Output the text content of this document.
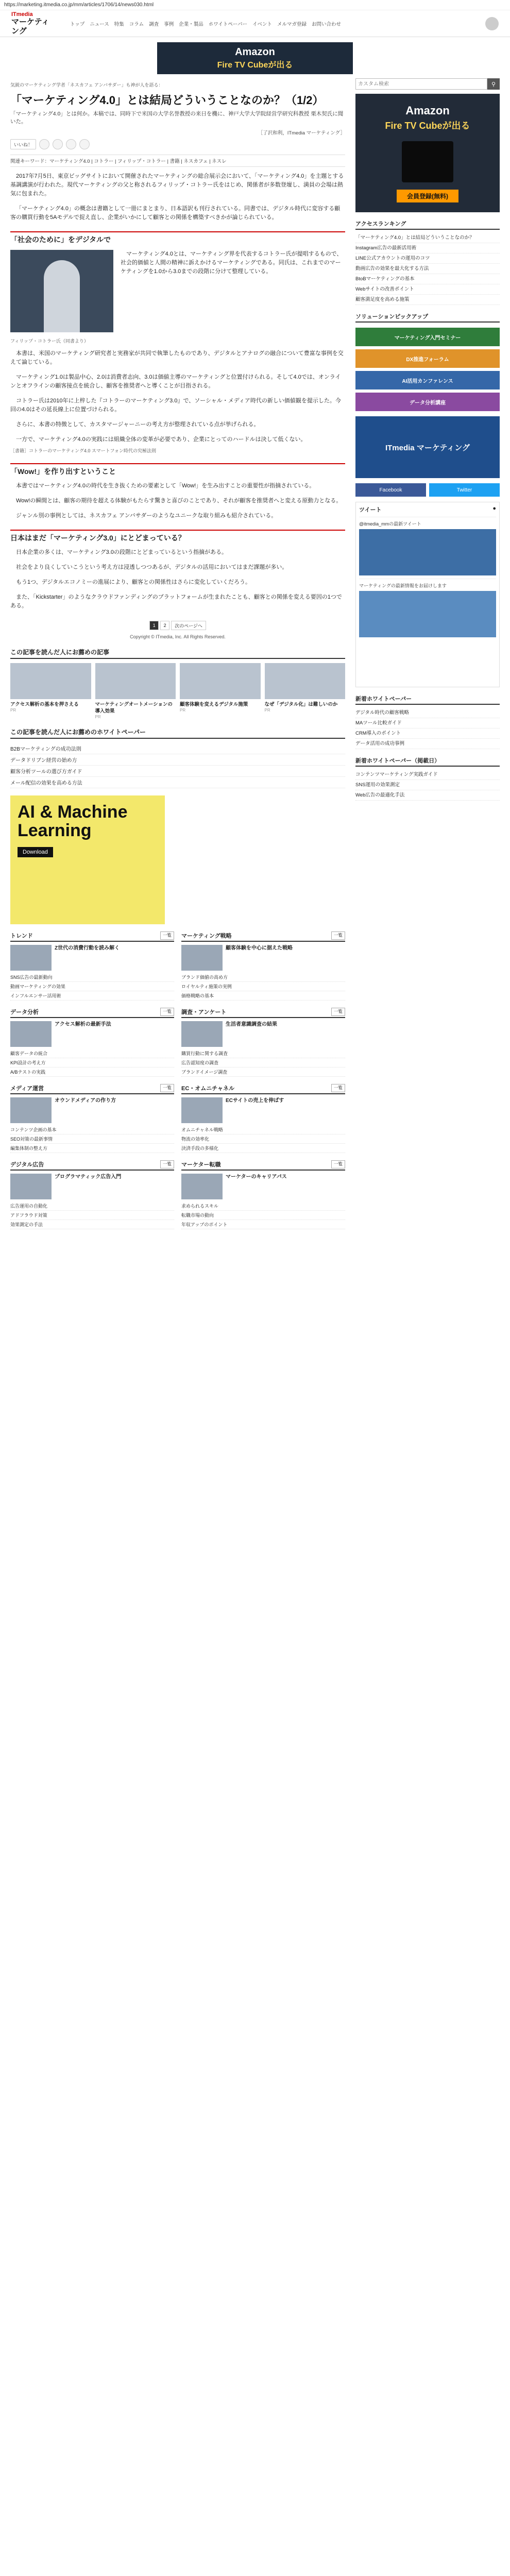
https://marketing.itmedia.co.jp/mm/articles/1706/14/news030.html
ITmedia
マーケティング
トップ ニュース 特集 コラム 調査 事例 企業・製品 ホワイトペーパー イベント メルマガ登録 お問い合わせ
Amazon
Fire TV Cubeが出る
気鋭のマーケティング学者「ネスカフェ アンバサダー」も神が人を語る：
「マーケティング4.0」とは結局どういうことなのか？（1/2）
「マーケティング4.0」とは何か。本稿では、同時下で米国の大学名誉教授の来日を機に、神戸大学大学院経営学研究科教授 栗木契氏に聞いた。
［了沢和利，ITmedia マーケティング］
いいね！
関連キーワード：マーケティング4.0 | コトラー | フィリップ・コトラー | 書籍 | ネスカフェ | ネスレ

2017年7月5日、東京ビッグサイトにおいて開催されたマーケティングの総合展示会において、「マーケティング4.0」を主題とする基調講演が行われた。現代マーケティングの父と称されるフィリップ・コトラー氏をはじめ、関係者が多数登壇し、満員の会場は熱気に包まれた。

「マーケティング4.0」の概念は書籍として一冊にまとまり、日本語訳も刊行されている。同書では、デジタル時代に変容する顧客の購買行動を5Aモデルで捉え直し、企業がいかにして顧客との関係を構築すべきかが論じられている。

「社会のために」をデジタルで

マーケティング4.0とは、マーケティング界を代表するコトラー氏が提唱するもので、社会的価値と人間の精神に訴えかけるマーケティングである。同氏は、これまでのマーケティングを1.0から3.0までの段階に分けて整理している。

フィリップ・コトラー氏（同書より）

本書は、米国のマーケティング研究者と実務家が共同で執筆したものであり、デジタルとアナログの融合について豊富な事例を交えて論じている。

マーケティング1.0は製品中心、2.0は消費者志向、3.0は価値主導のマーケティングと位置付けられる。そして4.0では、オンラインとオフラインの顧客接点を統合し、顧客を推奨者へと導くことが目指される。

コトラー氏は2010年に上梓した『コトラーのマーケティング3.0』で、ソーシャル・メディア時代の新しい価値観を提示した。今回の4.0はその延長線上に位置づけられる。

さらに、本書の特徴として、カスタマージャーニーの考え方が整理されている点が挙げられる。

一方で、マーケティング4.0の実践には組織全体の変革が必要であり、企業にとってのハードルは決して低くない。

［書籍］コトラーのマーケティング4.0 スマートフォン時代の究極法則
「Wow!」を作り出すということ

本書ではマーケティング4.0の時代を生き抜くための要素として「Wow!」を生み出すことの重要性が指摘されている。

Wow!の瞬間とは、顧客の期待を超える体験がもたらす驚きと喜びのことであり、それが顧客を推奨者へと変える原動力となる。

ジャンル別の事例としては、ネスカフェ アンバサダーのようなユニークな取り組みも紹介されている。

日本はまだ「マーケティング3.0」にとどまっている？

日本企業の多くは、マーケティング3.0の段階にとどまっているという指摘がある。

社会をより良くしていこうという考え方は浸透しつつあるが、デジタルの活用においてはまだ課題が多い。

もう1つ、デジタルエコノミーの進展により、顧客との関係性はさらに変化していくだろう。

また、「Kickstarter」のようなクラウドファンディングのプラットフォームが生まれたことも、顧客との関係を変える要因の1つである。

1	2	次のページへ
Copyright © ITmedia, Inc. All Rights Reserved.
この記事を読んだ人にお薦めの記事
アクセス解析の基本を押さえる
PR
マーケティングオートメーションの導入効果
PR
顧客体験を変えるデジタル施策
PR
なぜ「デジタル化」は難しいのか
PR
この記事を読んだ人にお薦めのホワイトペーパー
B2Bマーケティングの成功法則
データドリブン経営の始め方
顧客分析ツールの選び方ガイド
メール配信の効果を高める方法
AI & Machine Learning
Download
トレンド	一覧
Z世代の消費行動を読み解く
SNS広告の最新動向
動画マーケティングの効果
インフルエンサー活用術
マーケティング戦略	一覧
顧客体験を中心に据えた戦略
ブランド価値の高め方
ロイヤルティ施策の実例
価格戦略の基本
データ分析	一覧
アクセス解析の最新手法
顧客データの統合
KPI設計の考え方
A/Bテストの実践
調査・アンケート	一覧
生活者意識調査の結果
購買行動に関する調査
広告認知度の調査
ブランドイメージ調査
メディア運営	一覧
オウンドメディアの作り方
コンテンツ企画の基本
SEO対策の最新事情
編集体制の整え方
EC・オムニチャネル	一覧
ECサイトの売上を伸ばす
オムニチャネル戦略
物流の効率化
決済手段の多様化
デジタル広告	一覧
プログラマティック広告入門
広告運用の自動化
アドフラウド対策
効果測定の手法
マーケター転職	一覧
マーケターのキャリアパス
求められるスキル
転職市場の動向
年収アップのポイント
カスタム検索
⚲
Amazon
Fire TV Cubeが出る
会員登録(無料)
アクセスランキング
「マーケティング4.0」とは結局どういうことなのか？
Instagram広告の最新活用術
LINE公式アカウントの運用のコツ
動画広告の効果を最大化する方法
BtoBマーケティングの基本
Webサイトの改善ポイント
顧客満足度を高める施策
ソリューションピックアップ
マーケティング入門セミナー
DX推進フォーラム
AI活用カンファレンス
データ分析講座
ITmedia マーケティング
Facebook	Twitter
ツイート	●
@itmedia_mmの最新ツイート
マーケティングの最新情報をお届けします
新着ホワイトペーパー
デジタル時代の顧客戦略
MAツール比較ガイド
CRM導入のポイント
データ活用の成功事例
新着ホワイトペーパー（掲載日）
コンテンツマーケティング実践ガイド
SNS運用の効果測定
Web広告の最適化手法
